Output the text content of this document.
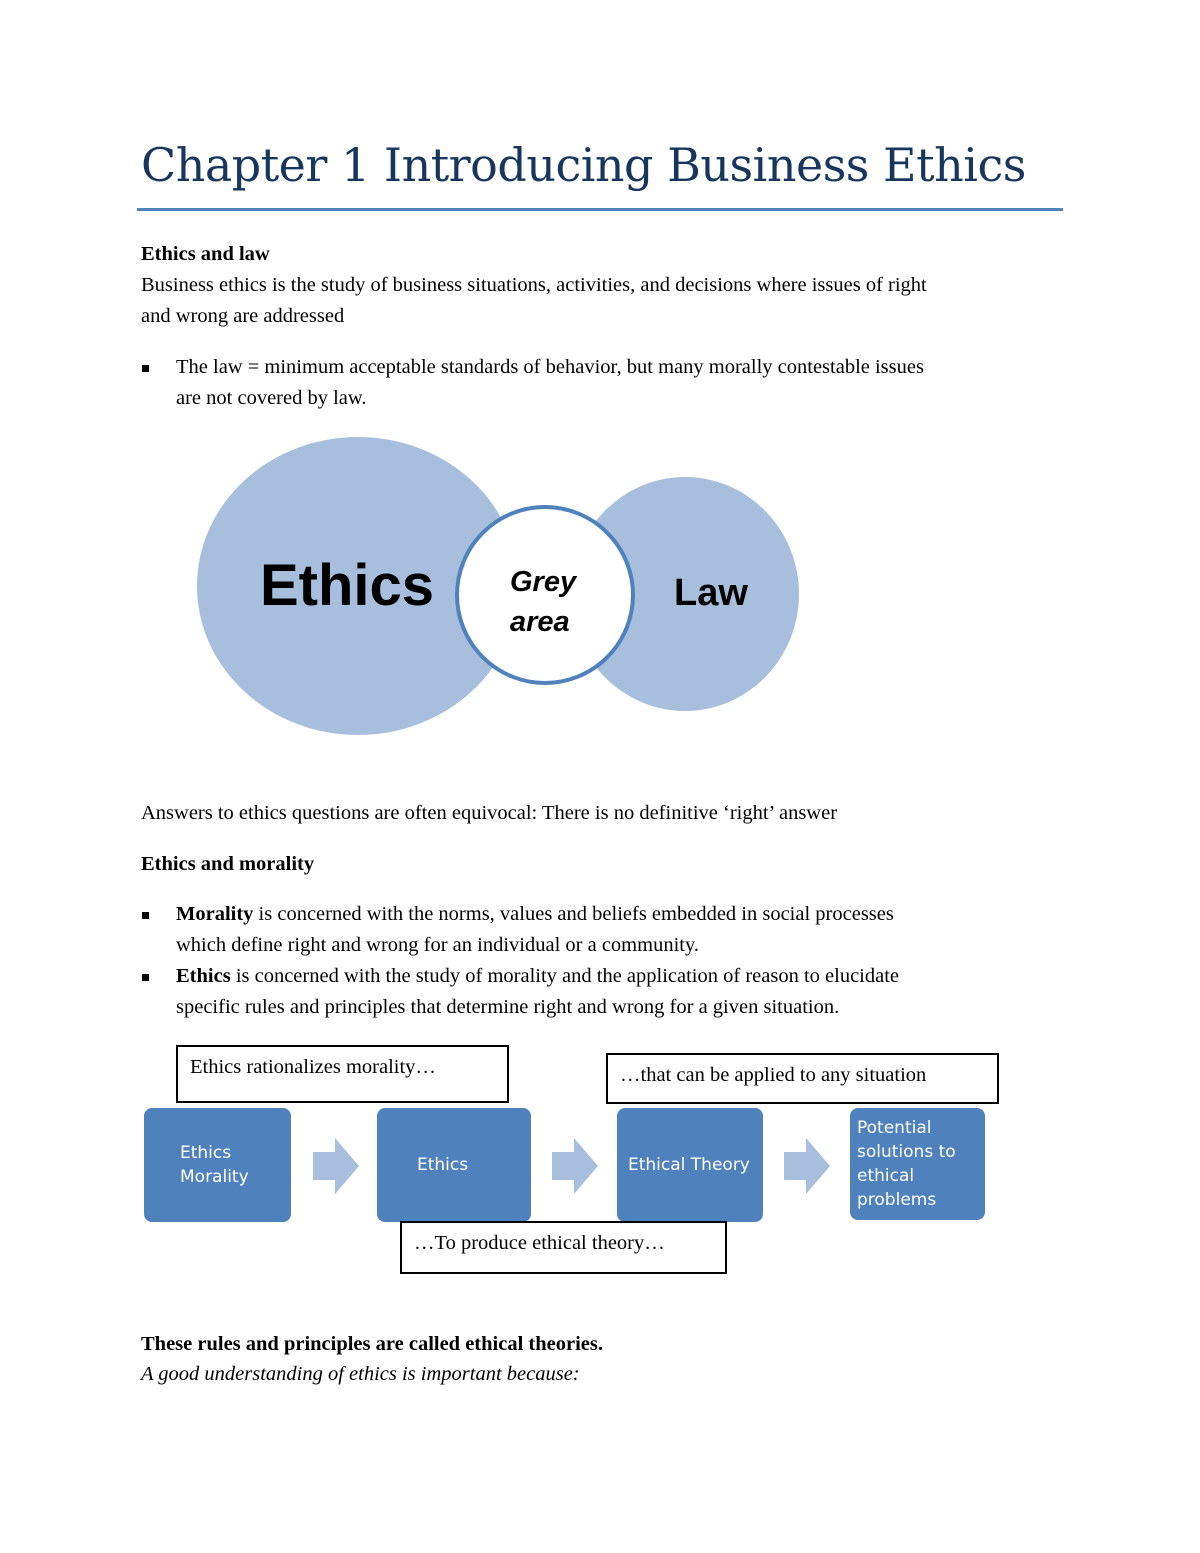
Chapter 1 Introducing Business Ethics
Ethics and law
Business ethics is the study of business situations, activities, and decisions where issues of right
and wrong are addressed
The law = minimum acceptable standards of behavior, but many morally contestable issues
are not covered by law.
Ethics	Grey
area
Law
Answers to ethics questions are often equivocal: There is no definitive ‘right’ answer
Ethics and morality
Morality is concerned with the norms, values and beliefs embedded in social processes
which define right and wrong for an individual or a community.
Ethics is concerned with the study of morality and the application of reason to elucidate
specific rules and principles that determine right and wrong for a given situation.
Ethics rationalizes morality…	…that can be applied to any situation
Ethics
Morality
Ethics	Ethical Theory
Potential
solutions to
ethical
problems
…To produce ethical theory…
These rules and principles are called ethical theories.
A good understanding of ethics is important because:
